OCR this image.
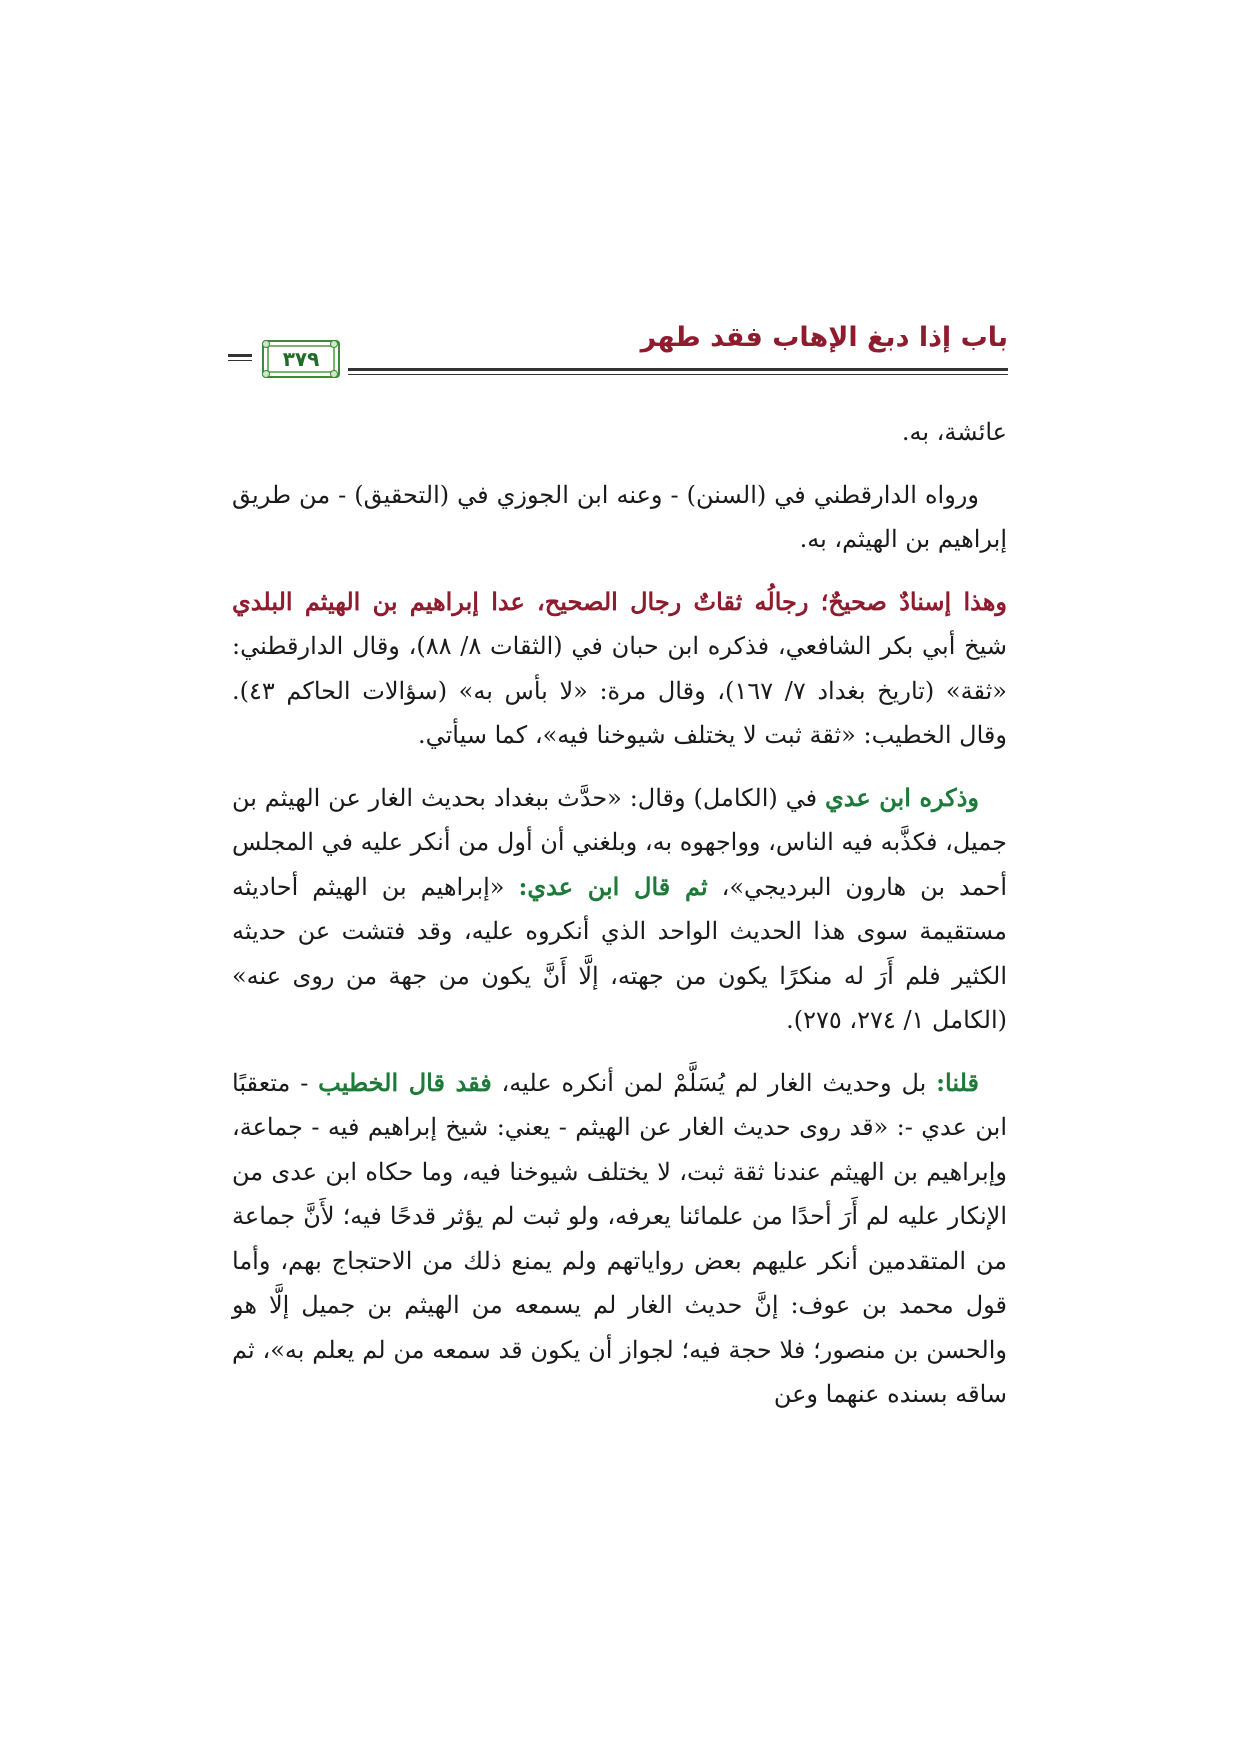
باب إذا دبغ الإهاب فقد طهر
٣٧٩

عائشة، به.

ورواه الدارقطني في (السنن) - وعنه ابن الجوزي في (التحقيق) - من طريق إبراهيم بن الهيثم، به.

وهذا إسنادٌ صحيحٌ؛ رجالُه ثقاتٌ رجال الصحيح، عدا إبراهيم بن الهيثم البلدي شيخ أبي بكر الشافعي، فذكره ابن حبان في (الثقات ٨/ ٨٨)، وقال الدارقطني: «ثقة» (تاريخ بغداد ٧/ ١٦٧)، وقال مرة: «لا بأس به» (سؤالات الحاكم ٤٣). وقال الخطيب: «ثقة ثبت لا يختلف شيوخنا فيه»، كما سيأتي.

وذكره ابن عدي في (الكامل) وقال: «حدَّث ببغداد بحديث الغار عن الهيثم بن جميل، فكذَّبه فيه الناس، وواجهوه به، وبلغني أن أول من أنكر عليه في المجلس أحمد بن هارون البرديجي»، ثم قال ابن عدي: «إبراهيم بن الهيثم أحاديثه مستقيمة سوى هذا الحديث الواحد الذي أنكروه عليه، وقد فتشت عن حديثه الكثير فلم أَرَ له منكرًا يكون من جهته، إلَّا أَنَّ يكون من جهة من روى عنه» (الكامل ١/ ٢٧٤، ٢٧٥).

قلنا: بل وحديث الغار لم يُسَلَّمْ لمن أنكره عليه، فقد قال الخطيب - متعقبًا ابن عدي -: «قد روى حديث الغار عن الهيثم - يعني: شيخ إبراهيم فيه - جماعة، وإبراهيم بن الهيثم عندنا ثقة ثبت، لا يختلف شيوخنا فيه، وما حكاه ابن عدى من الإنكار عليه لم أَرَ أحدًا من علمائنا يعرفه، ولو ثبت لم يؤثر قدحًا فيه؛ لأَنَّ جماعة من المتقدمين أنكر عليهم بعض رواياتهم ولم يمنع ذلك من الاحتجاج بهم، وأما قول محمد بن عوف: إنَّ حديث الغار لم يسمعه من الهيثم بن جميل إلَّا هو والحسن بن منصور؛ فلا حجة فيه؛ لجواز أن يكون قد سمعه من لم يعلم به»، ثم ساقه بسنده عنهما وعن
